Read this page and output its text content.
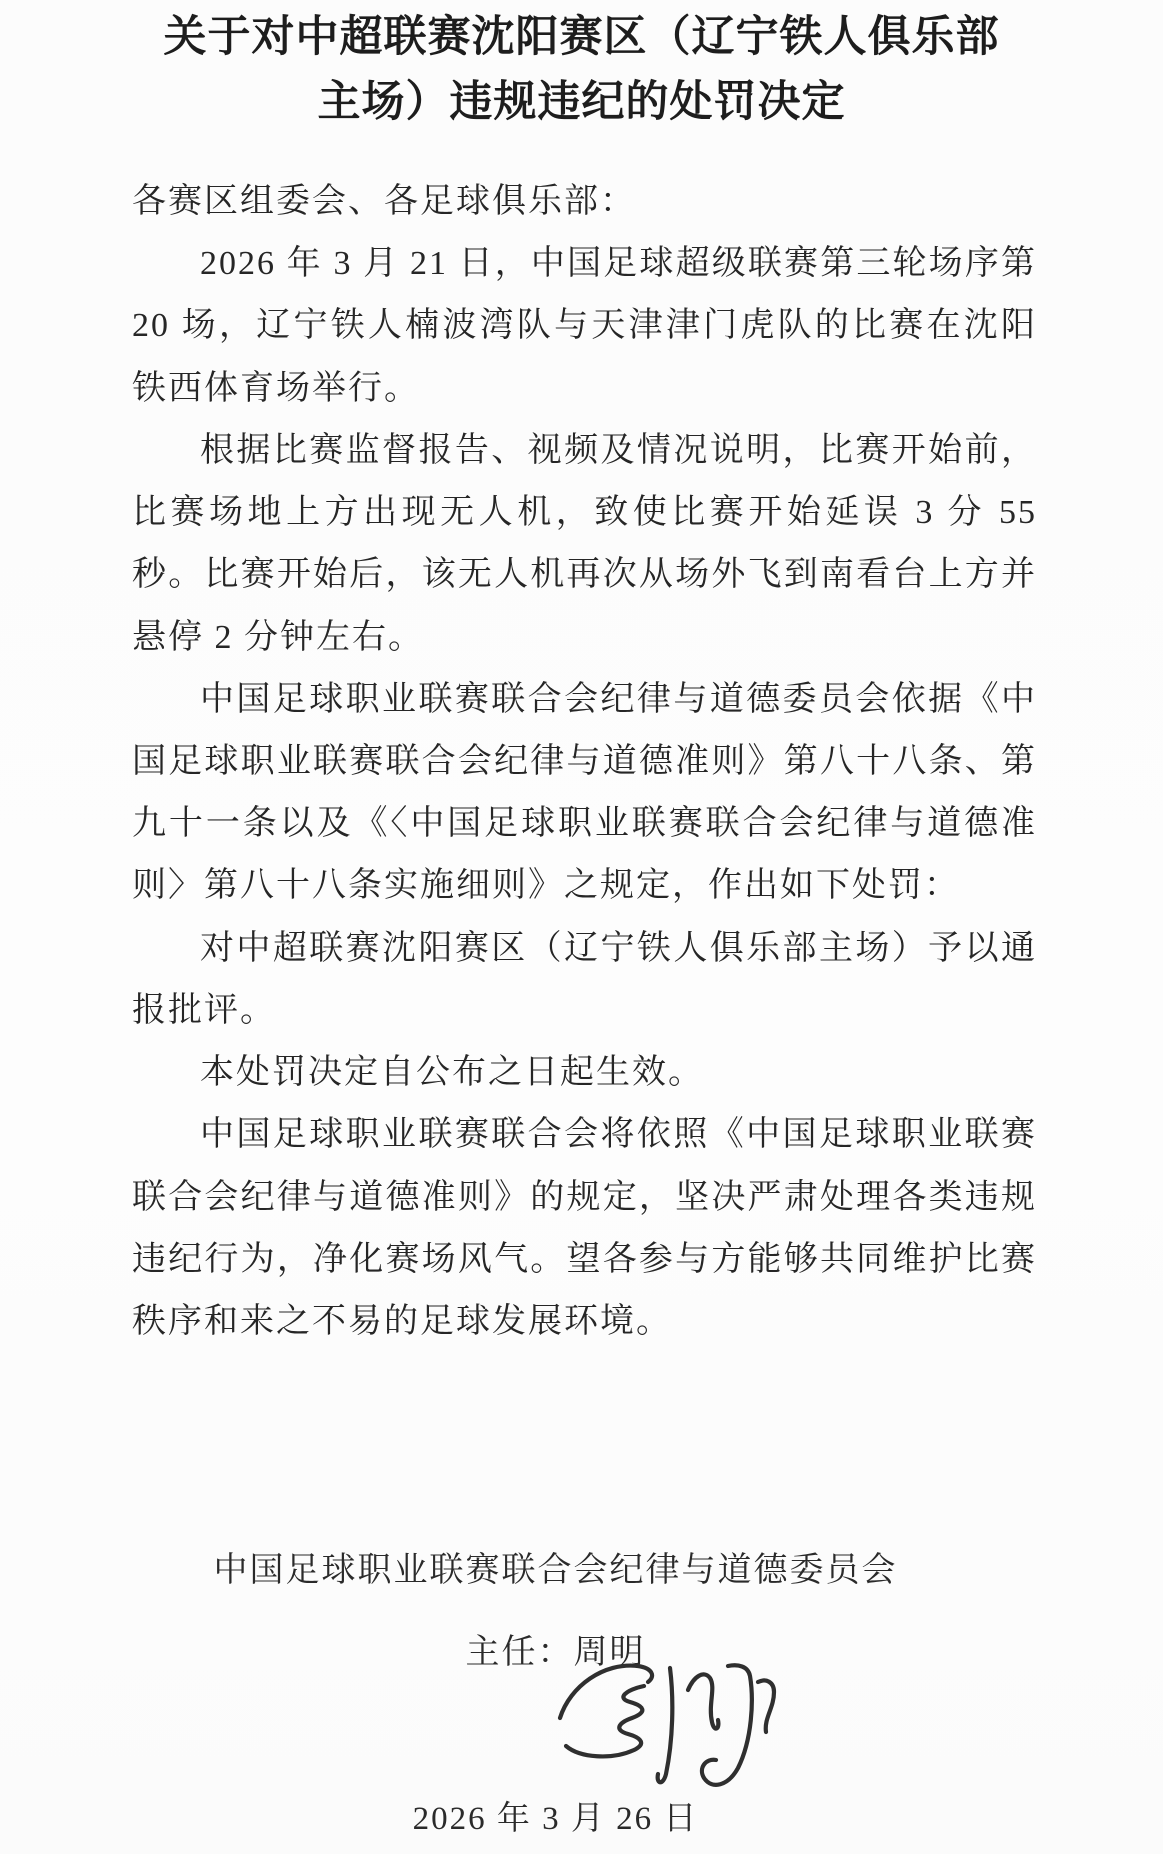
关于对中超联赛沈阳赛区（辽宁铁人俱乐部
主场）违规违纪的处罚决定

各赛区组委会、各足球俱乐部：

2026 年 3 月 21 日，中国足球超级联赛第三轮场序第 20 场，辽宁铁人楠波湾队与天津津门虎队的比赛在沈阳铁西体育场举行。

根据比赛监督报告、视频及情况说明，比赛开始前，比赛场地上方出现无人机，致使比赛开始延误 3 分 55 秒。比赛开始后，该无人机再次从场外飞到南看台上方并悬停 2 分钟左右。

中国足球职业联赛联合会纪律与道德委员会依据《中国足球职业联赛联合会纪律与道德准则》第八十八条、第九十一条以及《〈中国足球职业联赛联合会纪律与道德准则〉第八十八条实施细则》之规定，作出如下处罚：

对中超联赛沈阳赛区（辽宁铁人俱乐部主场）予以通报批评。

本处罚决定自公布之日起生效。

中国足球职业联赛联合会将依照《中国足球职业联赛联合会纪律与道德准则》的规定，坚决严肃处理各类违规违纪行为，净化赛场风气。望各参与方能够共同维护比赛秩序和来之不易的足球发展环境。

中国足球职业联赛联合会纪律与道德委员会
主任：周明
2026 年 3 月 26 日
